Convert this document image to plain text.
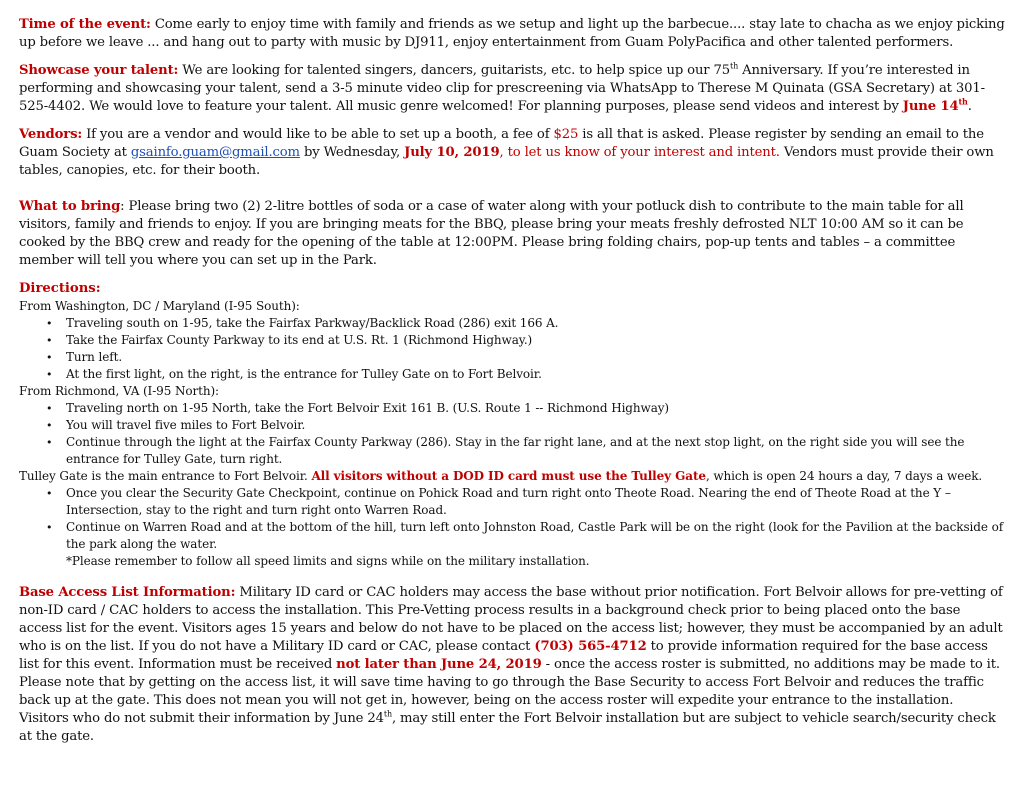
Time of the event: Come early to enjoy time with family and friends as we setup and light up the barbecue.... stay late to chacha as we enjoy picking up before we leave ... and hang out to party with music by DJ911, enjoy entertainment from Guam PolyPacifica and other talented performers.

Showcase your talent: We are looking for talented singers, dancers, guitarists, etc. to help spice up our 75th Anniversary. If you’re interested in performing and showcasing your talent, send a 3-5 minute video clip for prescreening via WhatsApp to Therese M Quinata (GSA Secretary) at 301-525-4402. We would love to feature your talent. All music genre welcomed! For planning purposes, please send videos and interest by June 14th.

Vendors: If you are a vendor and would like to be able to set up a booth, a fee of $25 is all that is asked. Please register by sending an email to the Guam Society at gsainfo.guam@gmail.com by Wednesday, July 10, 2019, to let us know of your interest and intent. Vendors must provide their own tables, canopies, etc. for their booth.

What to bring: Please bring two (2) 2-litre bottles of soda or a case of water along with your potluck dish to contribute to the main table for all visitors, family and friends to enjoy. If you are bringing meats for the BBQ, please bring your meats freshly defrosted NLT 10:00 AM so it can be cooked by the BBQ crew and ready for the opening of the table at 12:00PM. Please bring folding chairs, pop-up tents and tables – a committee member will tell you where you can set up in the Park.

Directions:
From Washington, DC / Maryland (I-95 South):
• Traveling south on 1-95, take the Fairfax Parkway/Backlick Road (286) exit 166 A.
• Take the Fairfax County Parkway to its end at U.S. Rt. 1 (Richmond Highway.)
• Turn left.
• At the first light, on the right, is the entrance for Tulley Gate on to Fort Belvoir.
From Richmond, VA (I-95 North):
• Traveling north on 1-95 North, take the Fort Belvoir Exit 161 B. (U.S. Route 1 -- Richmond Highway)
• You will travel five miles to Fort Belvoir.
• Continue through the light at the Fairfax County Parkway (286). Stay in the far right lane, and at the next stop light, on the right side you will see the entrance for Tulley Gate, turn right.
Tulley Gate is the main entrance to Fort Belvoir. All visitors without a DOD ID card must use the Tulley Gate, which is open 24 hours a day, 7 days a week.
• Once you clear the Security Gate Checkpoint, continue on Pohick Road and turn right onto Theote Road. Nearing the end of Theote Road at the Y – Intersection, stay to the right and turn right onto Warren Road.
• Continue on Warren Road and at the bottom of the hill, turn left onto Johnston Road, Castle Park will be on the right (look for the Pavilion at the backside of the park along the water.
*Please remember to follow all speed limits and signs while on the military installation.

Base Access List Information: Military ID card or CAC holders may access the base without prior notification. Fort Belvoir allows for pre-vetting of non-ID card / CAC holders to access the installation. This Pre-Vetting process results in a background check prior to being placed onto the base access list for the event. Visitors ages 15 years and below do not have to be placed on the access list; however, they must be accompanied by an adult who is on the list. If you do not have a Military ID card or CAC, please contact (703) 565-4712 to provide information required for the base access list for this event. Information must be received not later than June 24, 2019 - once the access roster is submitted, no additions may be made to it. Please note that by getting on the access list, it will save time having to go through the Base Security to access Fort Belvoir and reduces the traffic back up at the gate. This does not mean you will not get in, however, being on the access roster will expedite your entrance to the installation. Visitors who do not submit their information by June 24th, may still enter the Fort Belvoir installation but are subject to vehicle search/security check at the gate.
